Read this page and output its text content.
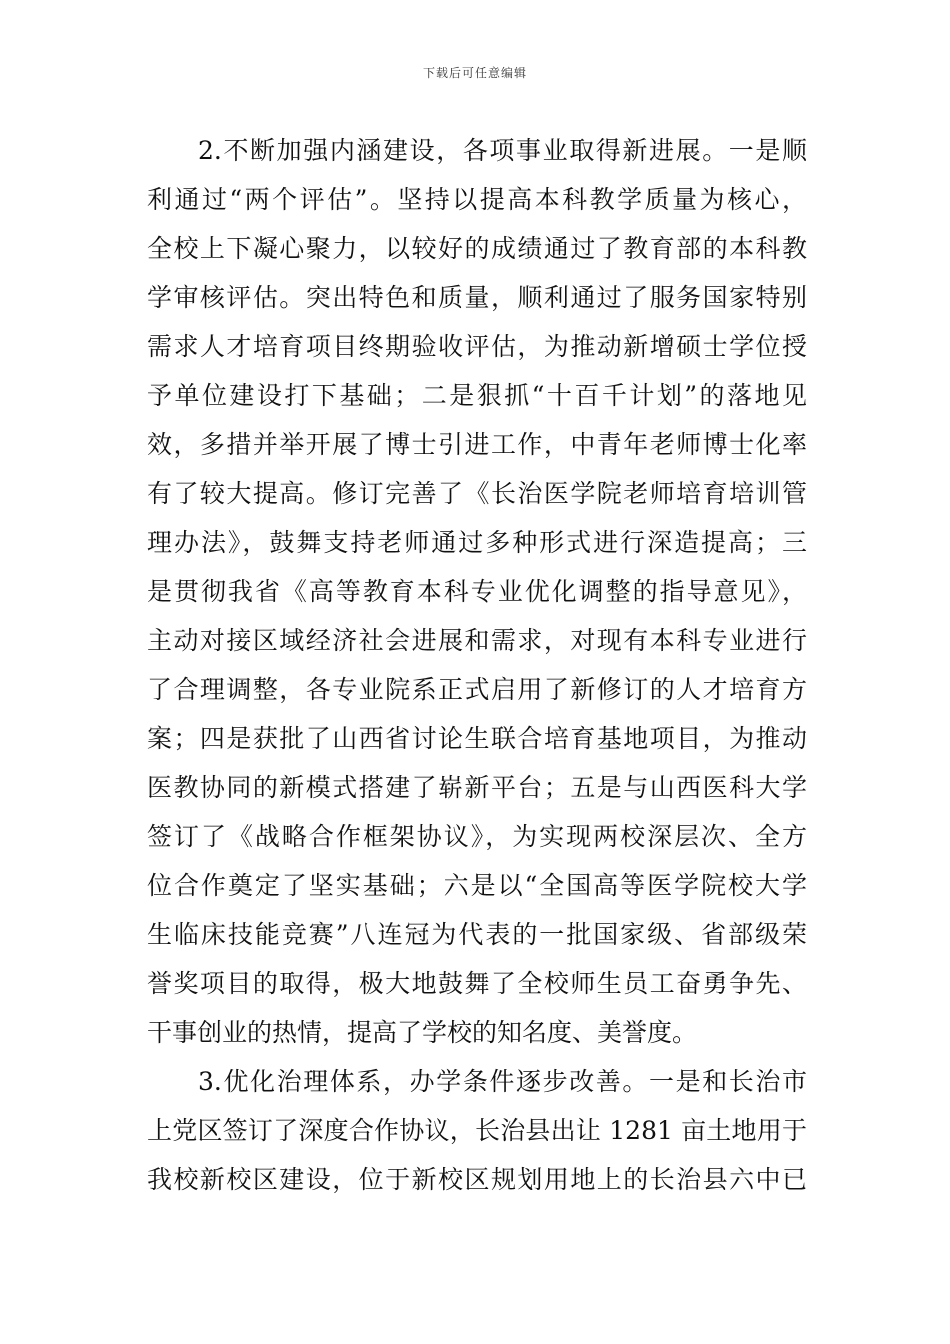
下载后可任意编辑
2.不断加强内涵建设，各项事业取得新进展。一是顺
利通过“两个评估”。坚持以提高本科教学质量为核心，
全校上下凝心聚力，以较好的成绩通过了教育部的本科教
学审核评估。突出特色和质量，顺利通过了服务国家特别
需求人才培育项目终期验收评估，为推动新增硕士学位授
予单位建设打下基础；二是狠抓“十百千计划”的落地见
效，多措并举开展了博士引进工作，中青年老师博士化率
有了较大提高。修订完善了《长治医学院老师培育培训管
理办法》，鼓舞支持老师通过多种形式进行深造提高；三
是贯彻我省《高等教育本科专业优化调整的指导意见》，
主动对接区域经济社会进展和需求，对现有本科专业进行
了合理调整，各专业院系正式启用了新修订的人才培育方
案；四是获批了山西省讨论生联合培育基地项目，为推动
医教协同的新模式搭建了崭新平台；五是与山西医科大学
签订了《战略合作框架协议》，为实现两校深层次、全方
位合作奠定了坚实基础；六是以“全国高等医学院校大学
生临床技能竞赛”八连冠为代表的一批国家级、省部级荣
誉奖项目的取得，极大地鼓舞了全校师生员工奋勇争先、
干事创业的热情，提高了学校的知名度、美誉度。
3.优化治理体系，办学条件逐步改善。一是和长治市
上党区签订了深度合作协议，长治县出让 1281 亩土地用于
我校新校区建设，位于新校区规划用地上的长治县六中已
